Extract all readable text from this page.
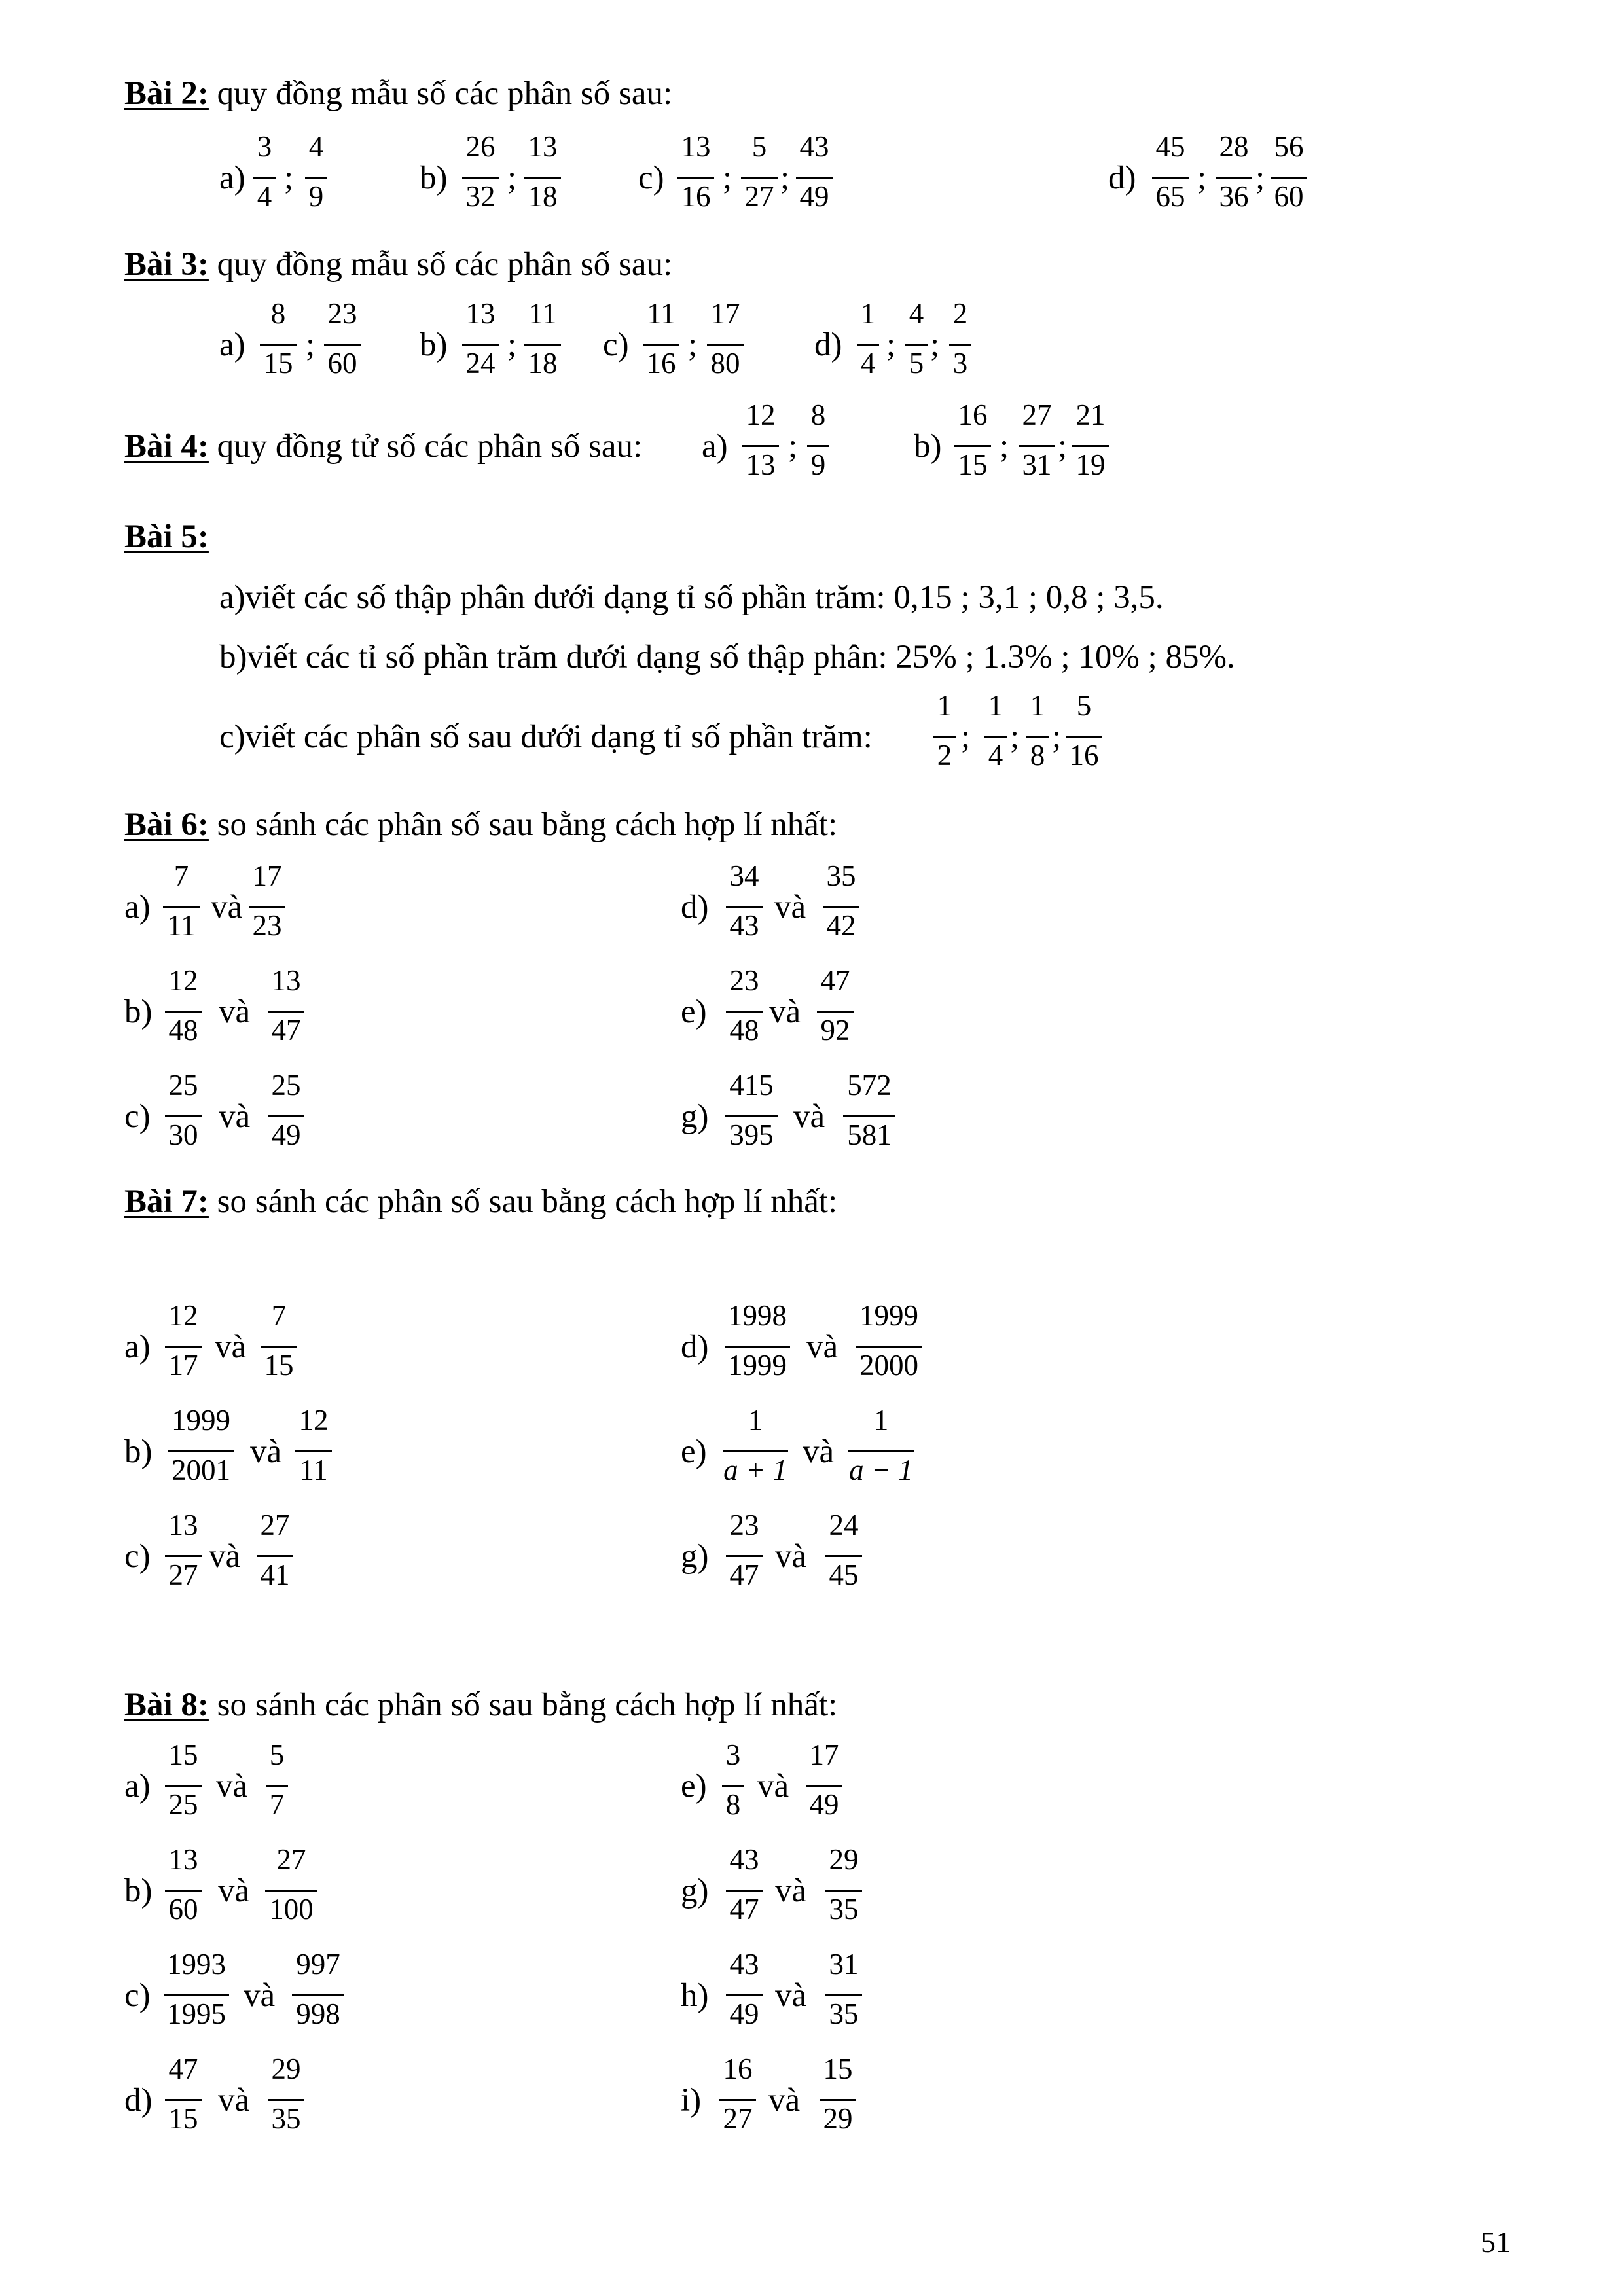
Bài 2: quy đồng mẫu số các phân số sau:
a)
3
4 ;
4
9	b)
26
32 ;
13
18 c)
13
16 ;
5
27 ;
43
49	d)
45
65 ;
28
36 ;
56
60
Bài 3: quy đồng mẫu số các phân số sau:
a)
8
15 ;
23
60 b)
13
24 ;
11
18 c)
11
16 ;
17
80 d)
1
4 ;
4
5 ;
2
3
Bài 4: quy đồng tử số các phân số sau: a)
12
13 ;
8
9	b)
16
15 ;
27
31 ;
21
19
Bài 5:
a)viết các số thập phân dưới dạng tỉ số phần trăm: 0,15 ; 3,1 ; 0,8 ; 3,5.
b)viết các tỉ số phần trăm dưới dạng số thập phân: 25% ; 1.3% ; 10% ; 85%.
c)viết các phân số sau dưới dạng tỉ số phần trăm:
1
2 ;
1
4 ;
1
8 ;
5
16
Bài 6: so sánh các phân số sau bằng cách hợp lí nhất:
a)
7
11 và
17
23
b)
12
48 và
13
47
c)
25
30 và
25
49
d)
34
43 và
35
42
e)
23
48 và
47
92
g)
415
395 và
572
581
Bài 7: so sánh các phân số sau bằng cách hợp lí nhất:
a)
12
17 và
7
15
b)
1999
2001 và
12
11
c)
13
27 và
27
41
d)
1998
1999 và
1999
2000
e)
1
a + 1 và
1
a − 1
g)
23
47 và
24
45
Bài 8: so sánh các phân số sau bằng cách hợp lí nhất:
a)
15
25 và
5
7
b)
13
60 và
27
100
c)
1993
1995 và
997
998
d)
47
15 và
29
35
e)
3
8 và
17
49
g)
43
47 và
29
35
h)
43
49 và
31
35
i)
16
27 và
15
29
51
